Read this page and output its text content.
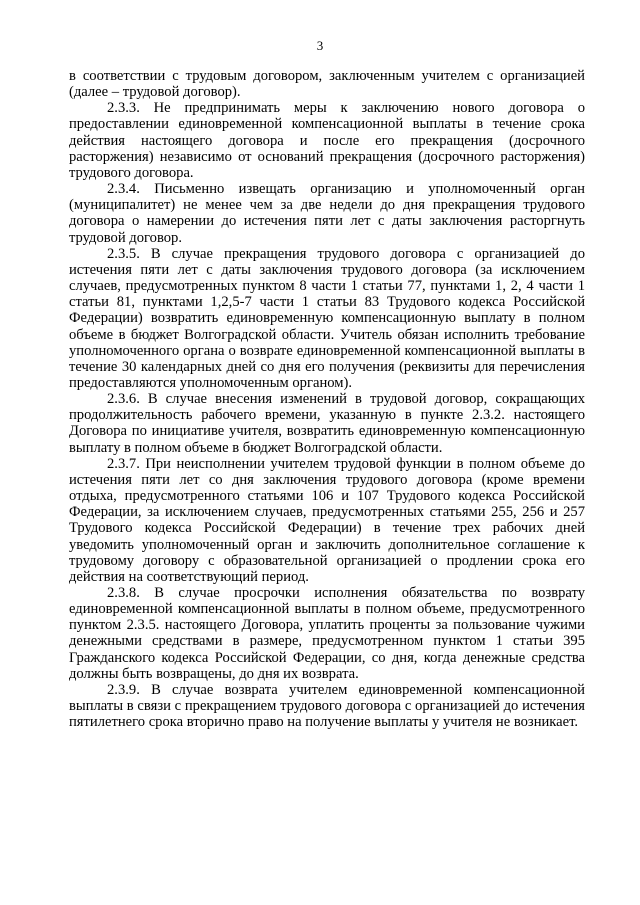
3

в соответствии с трудовым договором, заключенным учителем с организацией (далее – трудовой договор).

2.3.3. Не предпринимать меры к заключению нового договора о предоставлении единовременной компенсационной выплаты в течение срока действия настоящего договора и после его прекращения (досрочного расторжения) независимо от оснований прекращения (досрочного расторжения) трудового договора.

2.3.4. Письменно извещать организацию и уполномоченный орган (муниципалитет) не менее чем за две недели до дня прекращения трудового договора о намерении до истечения пяти лет с даты заключения расторгнуть трудовой договор.

2.3.5. В случае прекращения трудового договора с организацией до истечения пяти лет с даты заключения трудового договора (за исключением случаев, предусмотренных пунктом 8 части 1 статьи 77, пунктами 1, 2, 4 части 1 статьи 81, пунктами 1,2,5-7 части 1 статьи 83 Трудового кодекса Российской Федерации) возвратить единовременную компенсационную выплату в полном объеме в бюджет Волгоградской области. Учитель обязан исполнить требование уполномоченного органа о возврате единовременной компенсационной выплаты в течение 30 календарных дней со дня его получения (реквизиты для перечисления предоставляются уполномоченным органом).

2.3.6. В случае внесения изменений в трудовой договор, сокращающих продолжительность рабочего времени, указанную в пункте 2.3.2. настоящего Договора по инициативе учителя, возвратить единовременную компенсационную выплату в полном объеме в бюджет Волгоградской области.

2.3.7. При неисполнении учителем трудовой функции в полном объеме до истечения пяти лет со дня заключения трудового договора (кроме времени отдыха, предусмотренного статьями 106 и 107 Трудового кодекса Российской Федерации, за исключением случаев, предусмотренных статьями 255, 256 и 257 Трудового кодекса Российской Федерации) в течение трех рабочих дней уведомить уполномоченный орган и заключить дополнительное соглашение к трудовому договору с образовательной организацией о продлении срока его действия на соответствующий период.

2.3.8. В случае просрочки исполнения обязательства по возврату единовременной компенсационной выплаты в полном объеме, предусмотренного пунктом 2.3.5. настоящего Договора, уплатить проценты за пользование чужими денежными средствами в размере, предусмотренном пунктом 1 статьи 395 Гражданского кодекса Российской Федерации, со дня, когда денежные средства должны быть возвращены, до дня их возврата.

2.3.9. В случае возврата учителем единовременной компенсационной выплаты в связи с прекращением трудового договора с организацией до истечения пятилетнего срока вторично право на получение выплаты у учителя не возникает.
